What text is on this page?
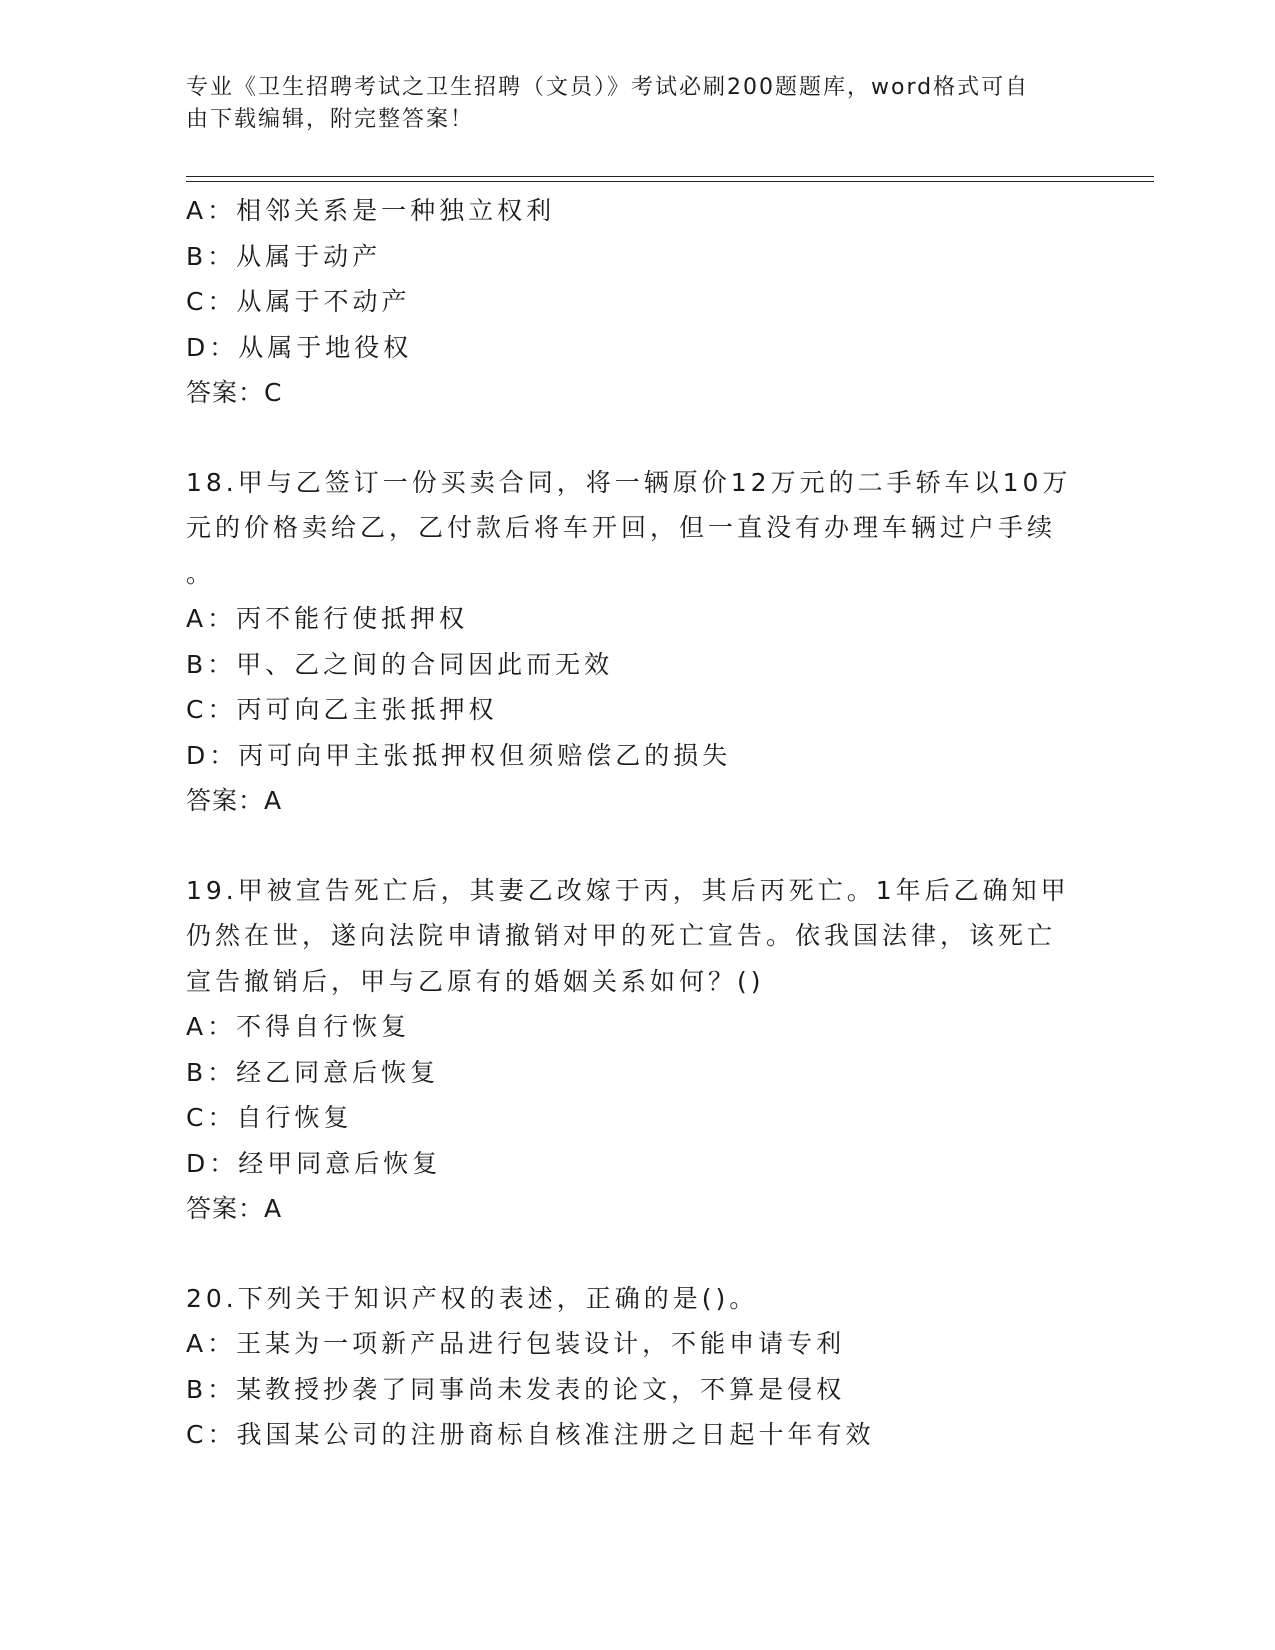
专业《卫生招聘考试之卫生招聘（文员）》考试必刷200题题库，word格式可自
由下载编辑，附完整答案！
A：相邻关系是一种独立权利
B：从属于动产
C：从属于不动产
D：从属于地役权
答案：C
18.甲与乙签订一份买卖合同，将一辆原价12万元的二手轿车以10万
元的价格卖给乙，乙付款后将车开回，但一直没有办理车辆过户手续
。
A：丙不能行使抵押权
B：甲、乙之间的合同因此而无效
C：丙可向乙主张抵押权
D：丙可向甲主张抵押权但须赔偿乙的损失
答案：A
19.甲被宣告死亡后，其妻乙改嫁于丙，其后丙死亡。1年后乙确知甲
仍然在世，遂向法院申请撤销对甲的死亡宣告。依我国法律，该死亡
宣告撤销后，甲与乙原有的婚姻关系如何？()
A：不得自行恢复
B：经乙同意后恢复
C：自行恢复
D：经甲同意后恢复
答案：A
20.下列关于知识产权的表述，正确的是()。
A：王某为一项新产品进行包装设计，不能申请专利
B：某教授抄袭了同事尚未发表的论文，不算是侵权
C：我国某公司的注册商标自核准注册之日起十年有效
